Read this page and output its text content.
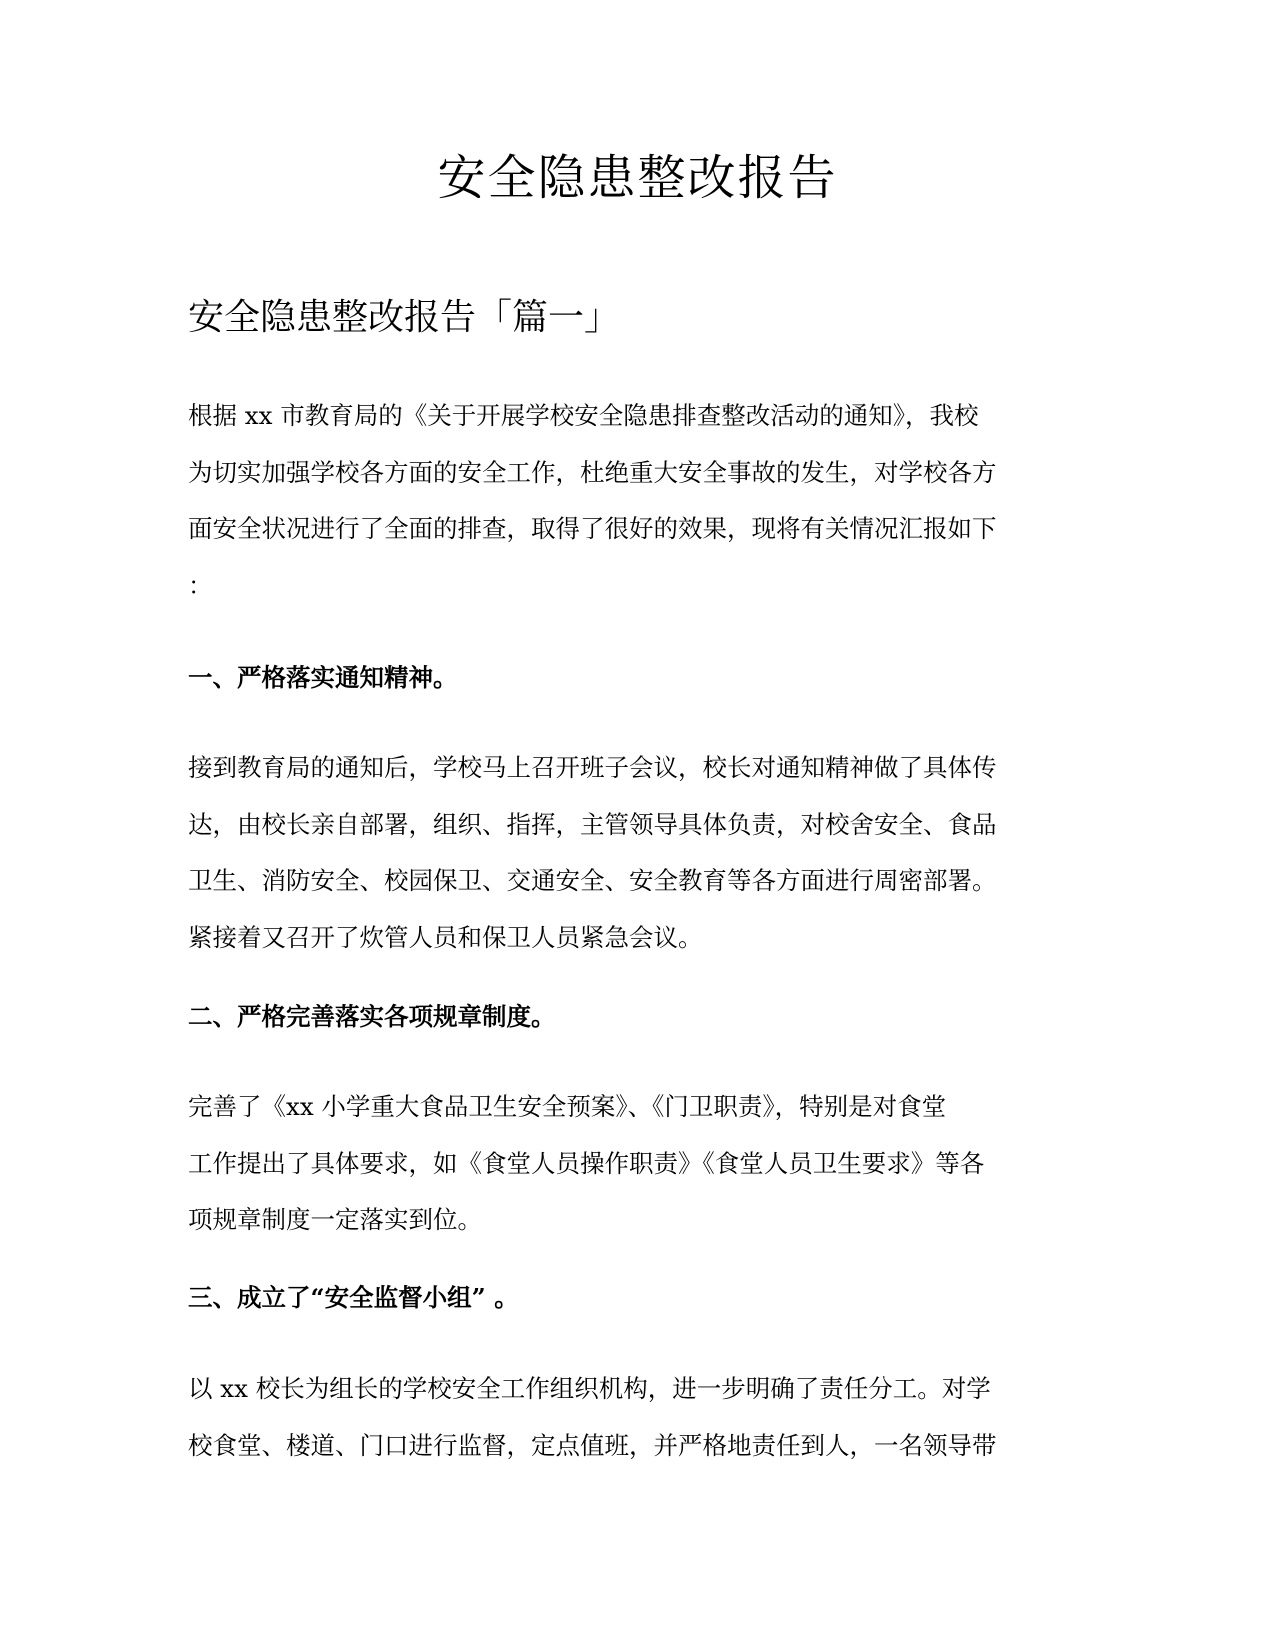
安全隐患整改报告
安全隐患整改报告「篇一」
根据 xx 市教育局的《关于开展学校安全隐患排查整改活动的通知》，我校
为切实加强学校各方面的安全工作，杜绝重大安全事故的发生，对学校各方
面安全状况进行了全面的排查，取得了很好的效果，现将有关情况汇报如下
：
一、严格落实通知精神。
接到教育局的通知后，学校马上召开班子会议，校长对通知精神做了具体传
达，由校长亲自部署，组织、指挥，主管领导具体负责，对校舍安全、食品
卫生、消防安全、校园保卫、交通安全、安全教育等各方面进行周密部署。
紧接着又召开了炊管人员和保卫人员紧急会议。
二、严格完善落实各项规章制度。
完善了《xx 小学重大食品卫生安全预案》、《门卫职责》，特别是对食堂
工作提出了具体要求，如《食堂人员操作职责》《食堂人员卫生要求》等各
项规章制度一定落实到位。
三、成立了“安全监督小组” 。
以 xx 校长为组长的学校安全工作组织机构，进一步明确了责任分工。对学
校食堂、楼道、门口进行监督，定点值班，并严格地责任到人，一名领导带
